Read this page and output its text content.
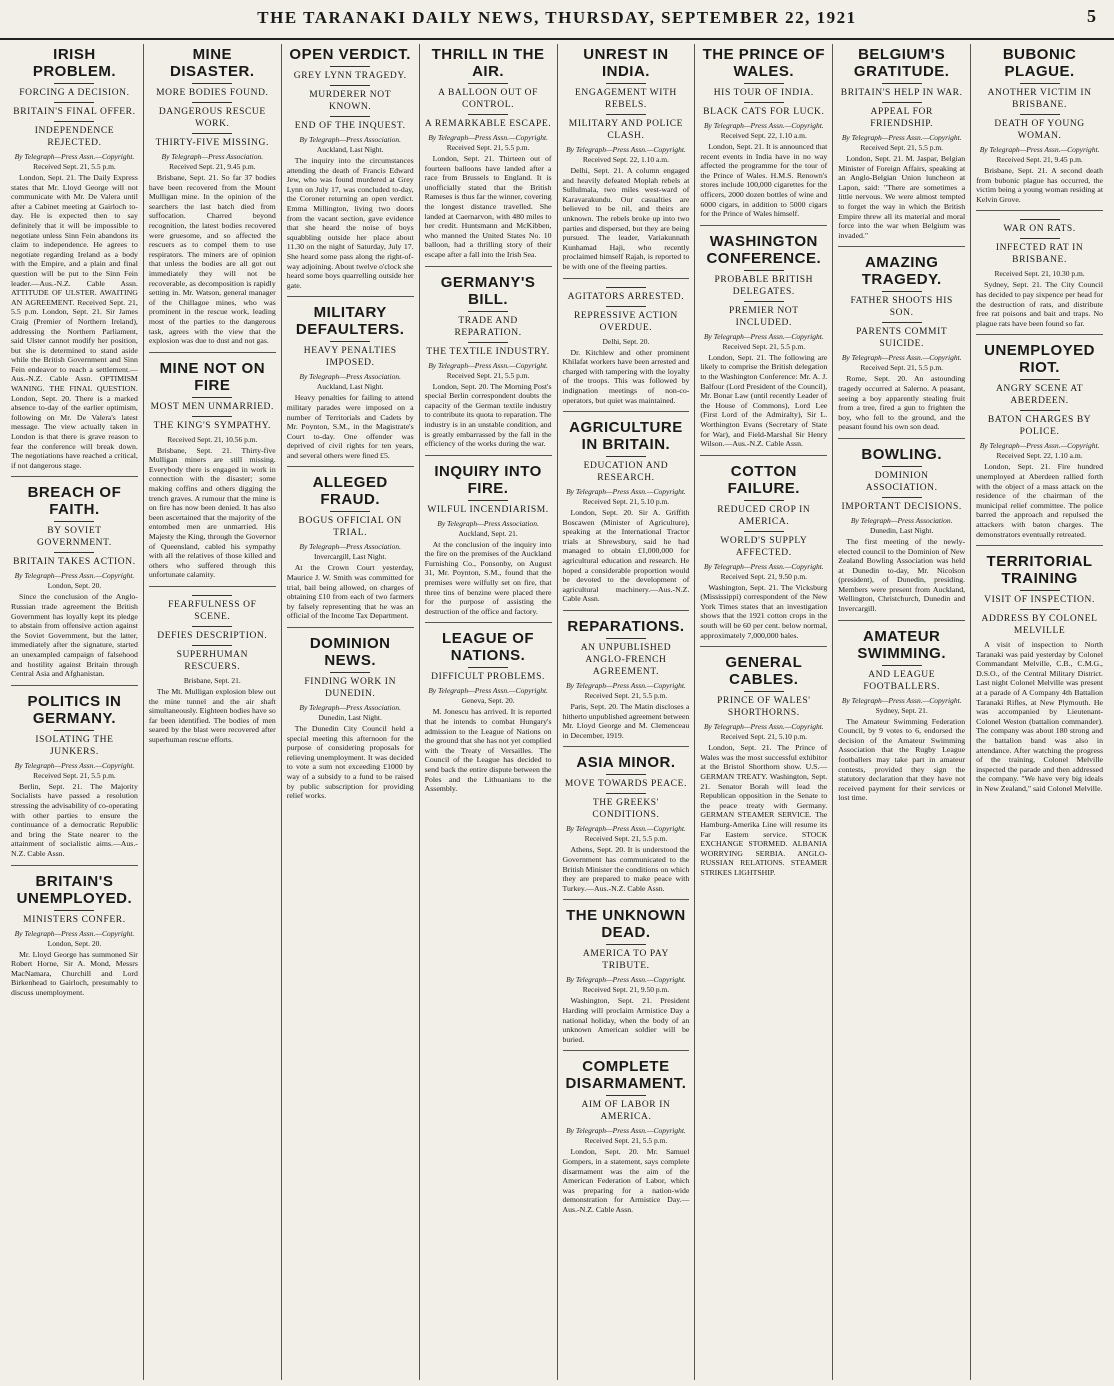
THE TARANAKI DAILY NEWS, THURSDAY, SEPTEMBER 22, 1921	5
IRISH PROBLEM.
FORCING A DECISION.
BRITAIN'S FINAL OFFER.
INDEPENDENCE REJECTED.
By Telegraph—Press Assn.—Copyright.
Received Sept. 21, 5.5 p.m.

London, Sept. 21. The Daily Express states that Mr. Lloyd George will not communicate with Mr. De Valera until after a Cabinet meeting at Gairloch to-day. He is expected then to say definitely that it will be impossible to negotiate unless Sinn Fein abandons its claim to independence. He agrees to negotiate regarding Ireland as a body with the Empire, and a plain and final question will be put to the Sinn Fein leader.—Aus.-N.Z. Cable Assn. ATTITUDE OF ULSTER. AWAITING AN AGREEMENT. Received Sept. 21, 5.5 p.m. London, Sept. 21. Sir James Craig (Premier of Northern Ireland), addressing the Northern Parliament, said Ulster cannot modify her position, but she is determined to stand aside while the British Government and Sinn Fein endeavor to reach a settlement.—Aus.-N.Z. Cable Assn. OPTIMISM WANING. THE FINAL QUESTION. London, Sept. 20. There is a marked absence to-day of the earlier optimism, following on Mr. De Valera's latest message. The view actually taken in London is that there is grave reason to fear the conference will break down. The negotiations have reached a critical, if not dangerous stage.

BREACH OF FAITH.
BY SOVIET GOVERNMENT.
BRITAIN TAKES ACTION.
By Telegraph—Press Assn.—Copyright.
London, Sept. 20.

Since the conclusion of the Anglo-Russian trade agreement the British Government has loyally kept its pledge to abstain from offensive action against the Soviet Government, but the latter, immediately after the signature, started an unexampled campaign of falsehood and hostility against Britain through Central Asia and Afghanistan.

POLITICS IN GERMANY.
ISOLATING THE JUNKERS.
By Telegraph—Press Assn.—Copyright.
Received Sept. 21, 5.5 p.m.

Berlin, Sept. 21. The Majority Socialists have passed a resolution stressing the advisability of co-operating with other parties to ensure the continuance of a democratic Republic and bring the State nearer to the attainment of socialistic aims.—Aus.-N.Z. Cable Assn.

BRITAIN'S UNEMPLOYED.
MINISTERS CONFER.
By Telegraph—Press Assn.—Copyright.
London, Sept. 20.

Mr. Lloyd George has summoned Sir Robert Horne, Sir A. Mond, Messrs MacNamara, Churchill and Lord Birkenhead to Gairloch, presumably to discuss unemployment.

MINE DISASTER.
MORE BODIES FOUND.
DANGEROUS RESCUE WORK.
THIRTY-FIVE MISSING.
By Telegraph—Press Association.
Received Sept. 21, 9.45 p.m.

Brisbane, Sept. 21. So far 37 bodies have been recovered from the Mount Mulligan mine. In the opinion of the searchers the last batch died from suffocation. Charred beyond recognition, the latest bodies recovered were gruesome, and so affected the rescuers as to compel them to use respirators. The miners are of opinion that unless the bodies are all got out immediately they will not be recoverable, as decomposition is rapidly setting in. Mr. Watson, general manager of the Chillagoe mines, who was prominent in the rescue work, leading most of the parties to the dangerous task, agrees with the view that the explosion was due to dust and not gas.

MINE NOT ON FIRE
MOST MEN UNMARRIED.
THE KING'S SYMPATHY.
Received Sept. 21, 10.56 p.m.

Brisbane, Sept. 21. Thirty-five Mulligan miners are still missing. Everybody there is engaged in work in connection with the disaster; some making coffins and others digging the trench graves. A rumour that the mine is on fire has now been denied. It has also been ascertained that the majority of the entombed men are unmarried. His Majesty the King, through the Governor of Queensland, cabled his sympathy with all the relatives of those killed and others who suffered through this unfortunate calamity.

FEARFULNESS OF SCENE.
DEFIES DESCRIPTION.
SUPERHUMAN RESCUERS.
Brisbane, Sept. 21.

The Mt. Mulligan explosion blew out the mine tunnel and the air shaft simultaneously. Eighteen bodies have so far been identified. The bodies of men seared by the blast were recovered after superhuman rescue efforts.

OPEN VERDICT.
GREY LYNN TRAGEDY.
MURDERER NOT KNOWN.
END OF THE INQUEST.
By Telegraph—Press Association.
Auckland, Last Night.

The inquiry into the circumstances attending the death of Francis Edward Jew, who was found murdered at Grey Lynn on July 17, was concluded to-day, the Coroner returning an open verdict. Emma Millington, living two doors from the vacant section, gave evidence that she heard the noise of boys squabbling outside her place about 11.30 on the night of Saturday, July 17. She heard some pass along the right-of-way adjoining. About twelve o'clock she heard some boys quarrelling outside her gate.

MILITARY DEFAULTERS.
HEAVY PENALTIES IMPOSED.
By Telegraph—Press Association.
Auckland, Last Night.

Heavy penalties for failing to attend military parades were imposed on a number of Territorials and Cadets by Mr. Poynton, S.M., in the Magistrate's Court to-day. One offender was deprived of civil rights for ten years, and several others were fined £5.

ALLEGED FRAUD.
BOGUS OFFICIAL ON TRIAL.
By Telegraph—Press Association.
Invercargill, Last Night.

At the Crown Court yesterday, Maurice J. W. Smith was committed for trial, bail being allowed, on charges of obtaining £10 from each of two farmers by falsely representing that he was an official of the Income Tax Department.

DOMINION NEWS.
FINDING WORK IN DUNEDIN.
By Telegraph—Press Association.
Dunedin, Last Night.

The Dunedin City Council held a special meeting this afternoon for the purpose of considering proposals for relieving unemployment. It was decided to vote a sum not exceeding £1000 by way of a subsidy to a fund to be raised by public subscription for providing relief works.

THRILL IN THE AIR.
A BALLOON OUT OF CONTROL.
A REMARKABLE ESCAPE.
By Telegraph—Press Assn.—Copyright.
Received Sept. 21, 5.5 p.m.

London, Sept. 21. Thirteen out of fourteen balloons have landed after a race from Brussels to England. It is unofficially stated that the British Rameses is thus far the winner, covering the longest distance travelled. She landed at Caernarvon, with 480 miles to her credit. Huntsmann and McKibben, who manned the United States No. 10 balloon, had a thrilling story of their escape after a fall into the Irish Sea.

GERMANY'S BILL.
TRADE AND REPARATION.
THE TEXTILE INDUSTRY.
By Telegraph—Press Assn.—Copyright.
Received Sept. 21, 5.5 p.m.

London, Sept. 20. The Morning Post's special Berlin correspondent doubts the capacity of the German textile industry to contribute its quota to reparation. The industry is in an unstable condition, and is greatly embarrassed by the fall in the efficiency of the works during the war.

INQUIRY INTO FIRE.
WILFUL INCENDIARISM.
By Telegraph—Press Association.
Auckland, Sept. 21.

At the conclusion of the inquiry into the fire on the premises of the Auckland Furnishing Co., Ponsonby, on August 31, Mr. Poynton, S.M., found that the premises were wilfully set on fire, that three tins of benzine were placed there for the purpose of assisting the destruction of the office and factory.

LEAGUE OF NATIONS.
DIFFICULT PROBLEMS.
By Telegraph—Press Assn.—Copyright.
Geneva, Sept. 20.

M. Jonescu has arrived. It is reported that he intends to combat Hungary's admission to the League of Nations on the ground that she has not yet complied with the Treaty of Versailles. The Council of the League has decided to send back the entire dispute between the Poles and the Lithuanians to the Assembly.

UNREST IN INDIA.
ENGAGEMENT WITH REBELS.
MILITARY AND POLICE CLASH.
By Telegraph—Press Assn.—Copyright.
Received Sept. 22, 1.10 a.m.

Delhi, Sept. 21. A column engaged and heavily defeated Moplah rebels at Sullulmala, two miles west-ward of Karavarakundu. Our casualties are believed to be nil, and theirs are unknown. The rebels broke up into two parties and dispersed, but they are being pursued. The leader, Variakunnath Kunhamad Haji, who recently proclaimed himself Rajah, is reported to be with one of the fleeing parties.

AGITATORS ARRESTED.
REPRESSIVE ACTION OVERDUE.
Delhi, Sept. 20.

Dr. Kitchlew and other prominent Khilafat workers have been arrested and charged with tampering with the loyalty of the troops. This was followed by indignation meetings of non-co-operators, but quiet was maintained.

AGRICULTURE IN BRITAIN.
EDUCATION AND RESEARCH.
By Telegraph—Press Assn.—Copyright.
Received Sept. 21, 5.10 p.m.

London, Sept. 20. Sir A. Griffith Boscawen (Minister of Agriculture), speaking at the International Tractor trials at Shrewsbury, said he had managed to obtain £1,000,000 for agricultural education and research. He hoped a considerable proportion would be devoted to the development of agricultural machinery.—Aus.-N.Z. Cable Assn.

REPARATIONS.
AN UNPUBLISHED ANGLO-FRENCH AGREEMENT.
By Telegraph—Press Assn.—Copyright.
Received Sept. 21, 5.5 p.m.

Paris, Sept. 20. The Matin discloses a hitherto unpublished agreement between Mr. Lloyd George and M. Clemenceau in December, 1919.

ASIA MINOR.
MOVE TOWARDS PEACE.
THE GREEKS' CONDITIONS.
By Telegraph—Press Assn.—Copyright.
Received Sept. 21, 5.5 p.m.

Athens, Sept. 20. It is understood the Government has communicated to the British Minister the conditions on which they are prepared to make peace with Turkey.—Aus.-N.Z. Cable Assn.

THE UNKNOWN DEAD.
AMERICA TO PAY TRIBUTE.
By Telegraph—Press Assn.—Copyright.
Received Sept. 21, 9.50 p.m.

Washington, Sept. 21. President Harding will proclaim Armistice Day a national holiday, when the body of an unknown American soldier will be buried.

COMPLETE DISARMAMENT.
AIM OF LABOR IN AMERICA.
By Telegraph—Press Assn.—Copyright.
Received Sept. 21, 5.5 p.m.

London, Sept. 20. Mr. Samuel Gompers, in a statement, says complete disarmament was the aim of the American Federation of Labor, which was preparing for a nation-wide demonstration for Armistice Day.—Aus.-N.Z. Cable Assn.

THE PRINCE OF WALES.
HIS TOUR OF INDIA.
BLACK CATS FOR LUCK.
By Telegraph—Press Assn.—Copyright.
Received Sept. 22, 1.10 a.m.

London, Sept. 21. It is announced that recent events in India have in no way affected the programme for the tour of the Prince of Wales. H.M.S. Renown's stores include 100,000 cigarettes for the officers, 2000 dozen bottles of wine and 6000 cigars, in addition to 5000 cigars for the Prince of Wales himself.

WASHINGTON CONFERENCE.
PROBABLE BRITISH DELEGATES.
PREMIER NOT INCLUDED.
By Telegraph—Press Assn.—Copyright.
Received Sept. 21, 5.5 p.m.

London, Sept. 21. The following are likely to comprise the British delegation to the Washington Conference: Mr. A. J. Balfour (Lord President of the Council), Mr. Bonar Law (until recently Leader of the House of Commons), Lord Lee (First Lord of the Admiralty), Sir L. Worthington Evans (Secretary of State for War), and Field-Marshal Sir Henry Wilson.—Aus.-N.Z. Cable Assn.

COTTON FAILURE.
REDUCED CROP IN AMERICA.
WORLD'S SUPPLY AFFECTED.
By Telegraph—Press Assn.—Copyright.
Received Sept. 21, 9.50 p.m.

Washington, Sept. 21. The Vicksburg (Mississippi) correspondent of the New York Times states that an investigation shows that the 1921 cotton crops in the south will be 60 per cent. below normal, approximately 7,000,000 bales.

GENERAL CABLES.
PRINCE OF WALES' SHORTHORNS.
By Telegraph—Press Assn.—Copyright.
Received Sept. 21, 5.10 p.m.

London, Sept. 21. The Prince of Wales was the most successful exhibitor at the Bristol Shorthorn show. U.S.—GERMAN TREATY. Washington, Sept. 21. Senator Borah will lead the Republican opposition in the Senate to the peace treaty with Germany. GERMAN STEAMER SERVICE. The Hamburg-Amerika Line will resume its Far Eastern service. STOCK EXCHANGE STORMED. ALBANIA WORRYING SERBIA. ANGLO-RUSSIAN RELATIONS. STEAMER STRIKES LIGHTSHIP.

BELGIUM'S GRATITUDE.
BRITAIN'S HELP IN WAR.
APPEAL FOR FRIENDSHIP.
By Telegraph—Press Assn.—Copyright.
Received Sept. 21, 5.5 p.m.

London, Sept. 21. M. Jaspar, Belgian Minister of Foreign Affairs, speaking at an Anglo-Belgian Union luncheon at Lapon, said: "There are sometimes a little nervous. We were almost tempted to forget the way in which the British Empire threw all its material and moral force into the war when Belgium was invaded."

AMAZING TRAGEDY.
FATHER SHOOTS HIS SON.
PARENTS COMMIT SUICIDE.
By Telegraph—Press Assn.—Copyright.
Received Sept. 21, 5.5 p.m.

Rome, Sept. 20. An astounding tragedy occurred at Salerno. A peasant, seeing a boy apparently stealing fruit from a tree, fired a gun to frighten the boy, who fell to the ground, and the peasant found his own son dead.

BOWLING.
DOMINION ASSOCIATION.
IMPORTANT DECISIONS.
By Telegraph—Press Association.
Dunedin, Last Night.

The first meeting of the newly-elected council to the Dominion of New Zealand Bowling Association was held at Dunedin to-day, Mr. Nicolson (president), of Dunedin, presiding. Members were present from Auckland, Wellington, Christchurch, Dunedin and Invercargill.

AMATEUR SWIMMING.
AND LEAGUE FOOTBALLERS.
By Telegraph—Press Assn.—Copyright.
Sydney, Sept. 21.

The Amateur Swimming Federation Council, by 9 votes to 6, endorsed the decision of the Amateur Swimming Association that the Rugby League footballers may take part in amateur contests, provided they sign the statutory declaration that they have not received payment for their services or lost time.

BUBONIC PLAGUE.
ANOTHER VICTIM IN BRISBANE.
DEATH OF YOUNG WOMAN.
By Telegraph—Press Assn.—Copyright.
Received Sept. 21, 9.45 p.m.

Brisbane, Sept. 21. A second death from bubonic plague has occurred, the victim being a young woman residing at Kelvin Grove.

WAR ON RATS.
INFECTED RAT IN BRISBANE.
Received Sept. 21, 10.30 p.m.

Sydney, Sept. 21. The City Council has decided to pay sixpence per head for the destruction of rats, and distribute free rat poisons and bait and traps. No plague rats have been found so far.

UNEMPLOYED RIOT.
ANGRY SCENE AT ABERDEEN.
BATON CHARGES BY POLICE.
By Telegraph—Press Assn.—Copyright.
Received Sept. 22, 1.10 a.m.

London, Sept. 21. Fire hundred unemployed at Aberdeen rallied forth with the object of a mass attack on the residence of the chairman of the municipal relief committee. The police barred the approach and repulsed the attackers with baton charges. The demonstrators eventually retreated.

TERRITORIAL TRAINING
VISIT OF INSPECTION.
ADDRESS BY COLONEL MELVILLE

A visit of inspection to North Taranaki was paid yesterday by Colonel Commandant Melville, C.B., C.M.G., D.S.O., of the Central Military District. Last night Colonel Melville was present at a parade of A Company 4th Battalion Taranaki Rifles, at New Plymouth. He was accompanied by Lieutenant-Colonel Weston (battalion commander). The company was about 180 strong and the battalion band was also in attendance. After watching the progress of the training, Colonel Melville inspected the parade and then addressed the company. "We have very big ideals in New Zealand," said Colonel Melville.
